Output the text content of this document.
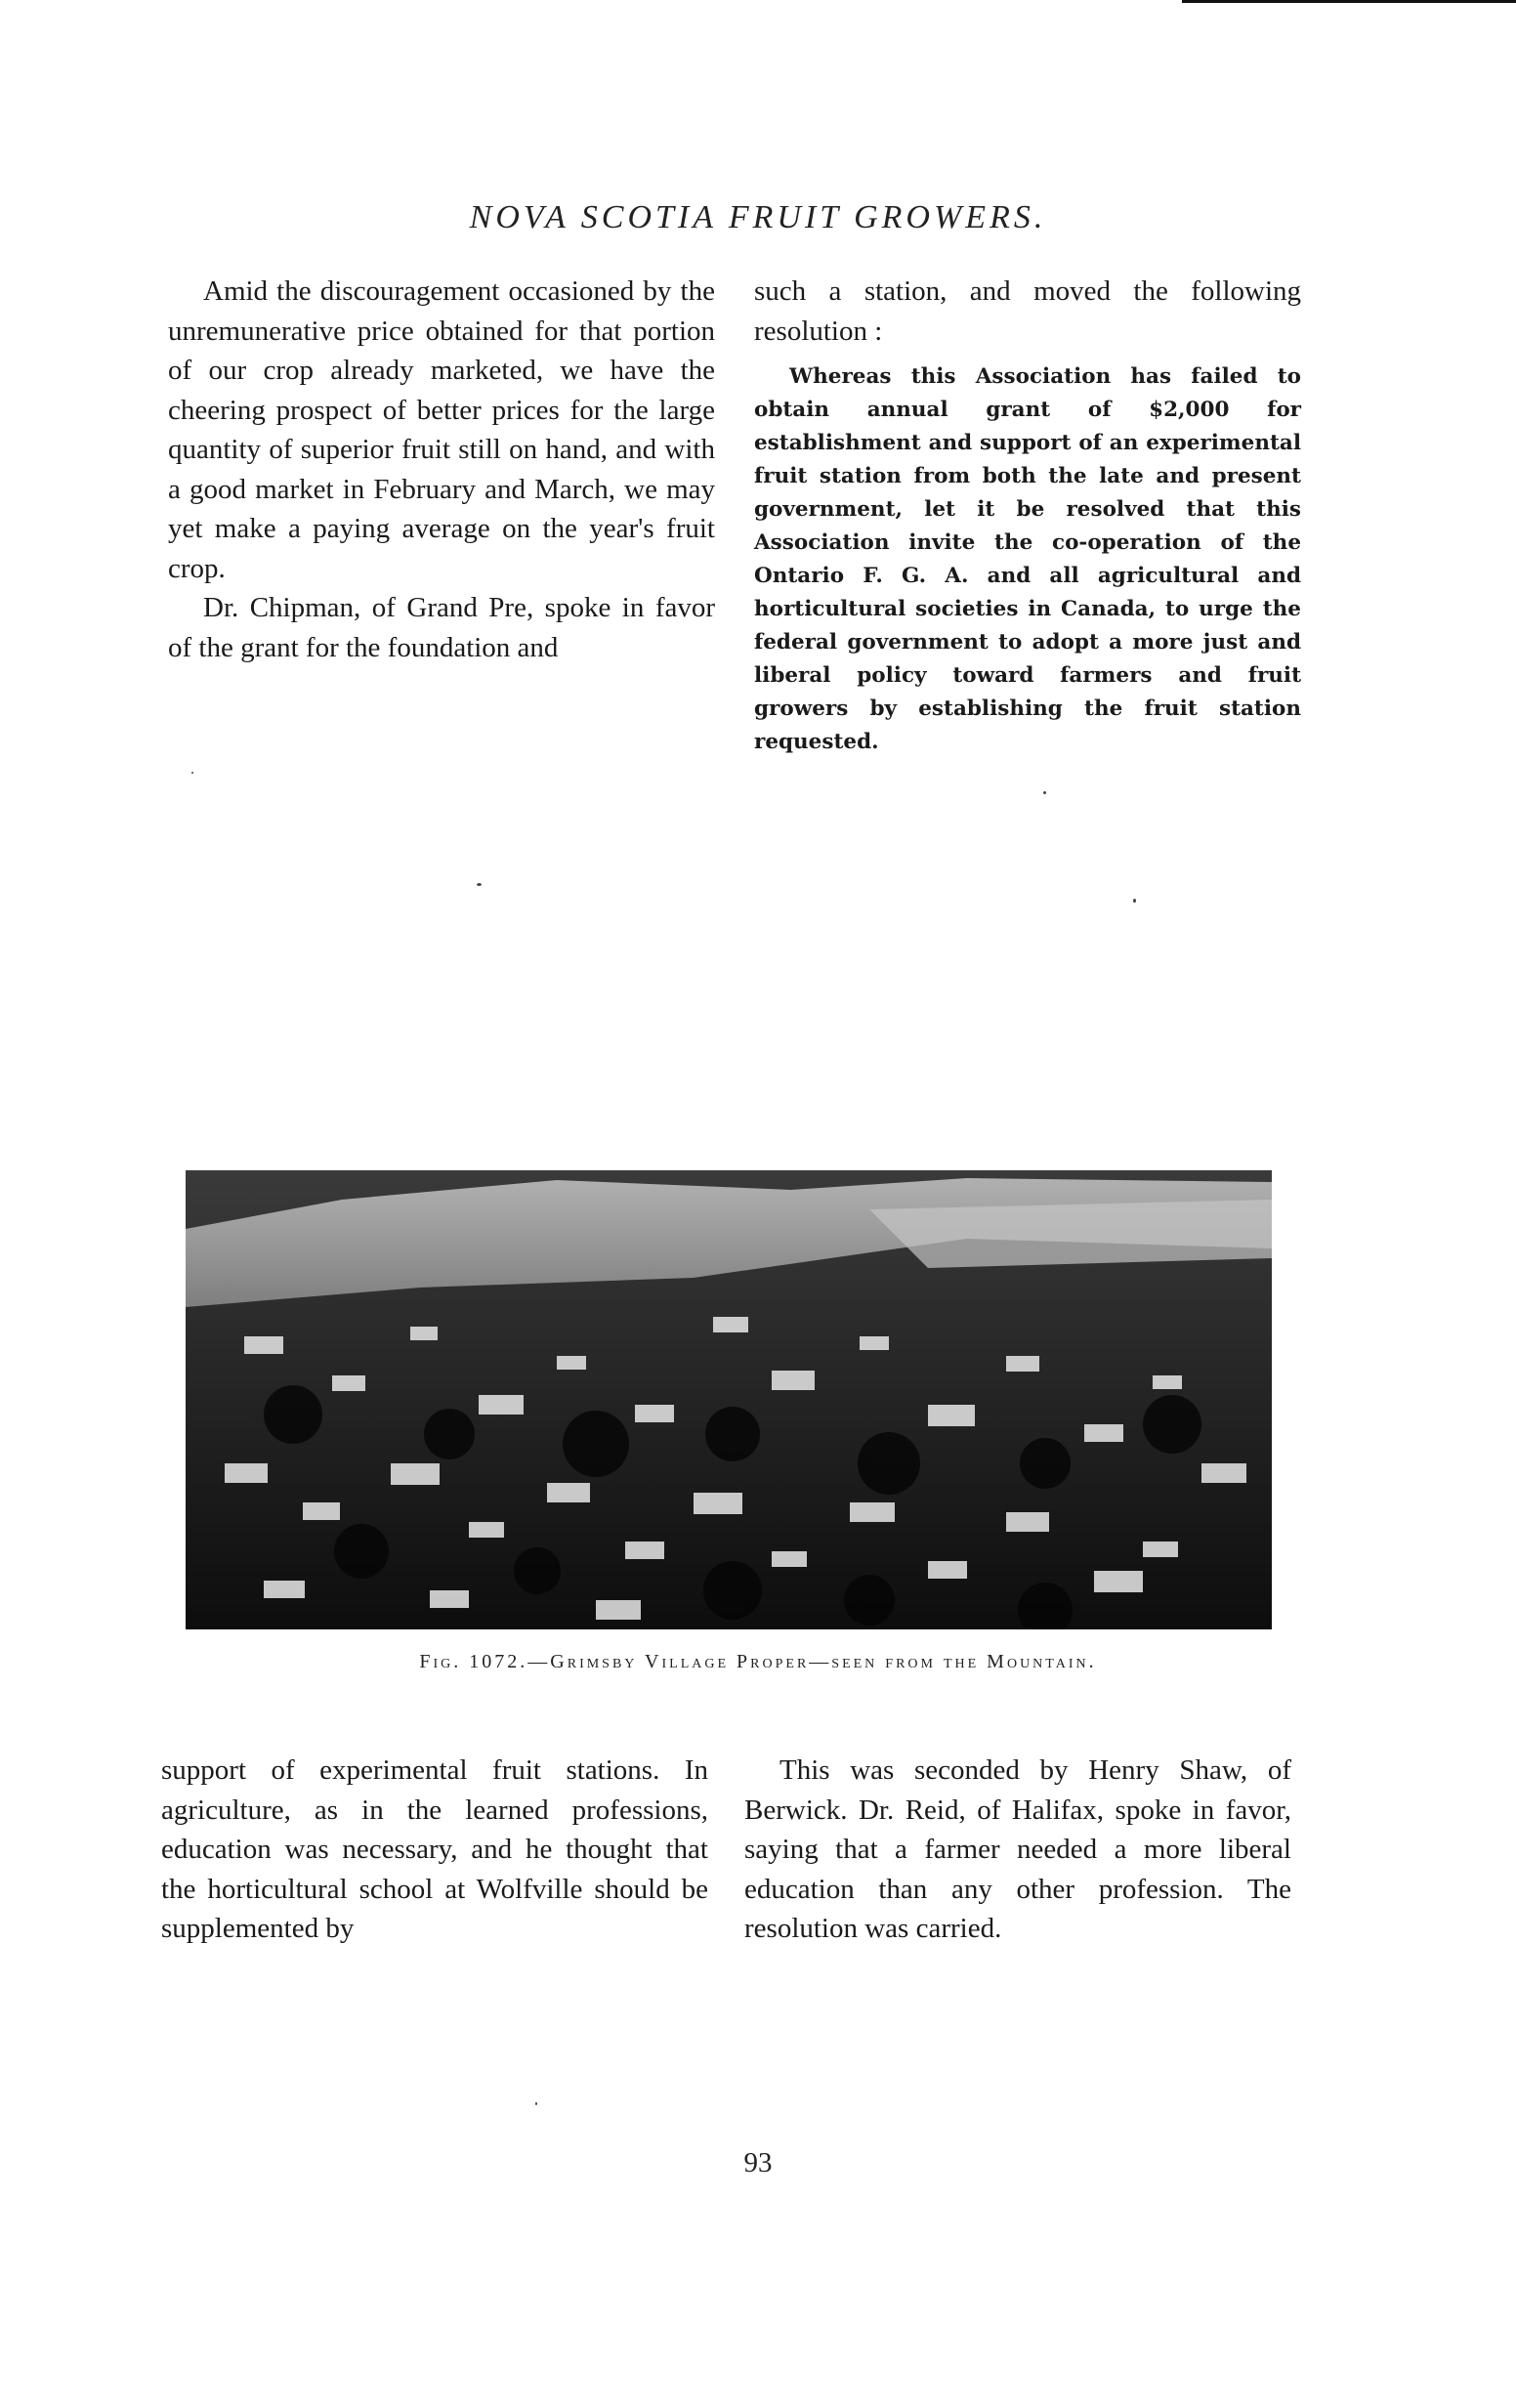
NOVA SCOTIA FRUIT GROWERS.

Amid the discouragement occasioned by the unremunerative price obtained for that portion of our crop already marketed, we have the cheering prospect of better prices for the large quantity of superior fruit still on hand, and with a good market in February and March, we may yet make a paying average on the year's fruit crop.

Dr. Chipman, of Grand Pre, spoke in favor of the grant for the foundation and

such a station, and moved the following resolution :

Whereas this Association has failed to obtain annual grant of $2,000 for establishment and support of an experimental fruit station from both the late and present government, let it be resolved that this Association invite the co-operation of the Ontario F. G. A. and all agricultural and horticultural societies in Canada, to urge the federal government to adopt a more just and liberal policy toward farmers and fruit growers by establishing the fruit station requested.

Fig. 1072.—Grimsby Village Proper—seen from the Mountain.

support of experimental fruit stations. In agriculture, as in the learned professions, education was necessary, and he thought that the horticultural school at Wolfville should be supplemented by

This was seconded by Henry Shaw, of Berwick. Dr. Reid, of Halifax, spoke in favor, saying that a farmer needed a more liberal education than any other profession. The resolution was carried.

93
